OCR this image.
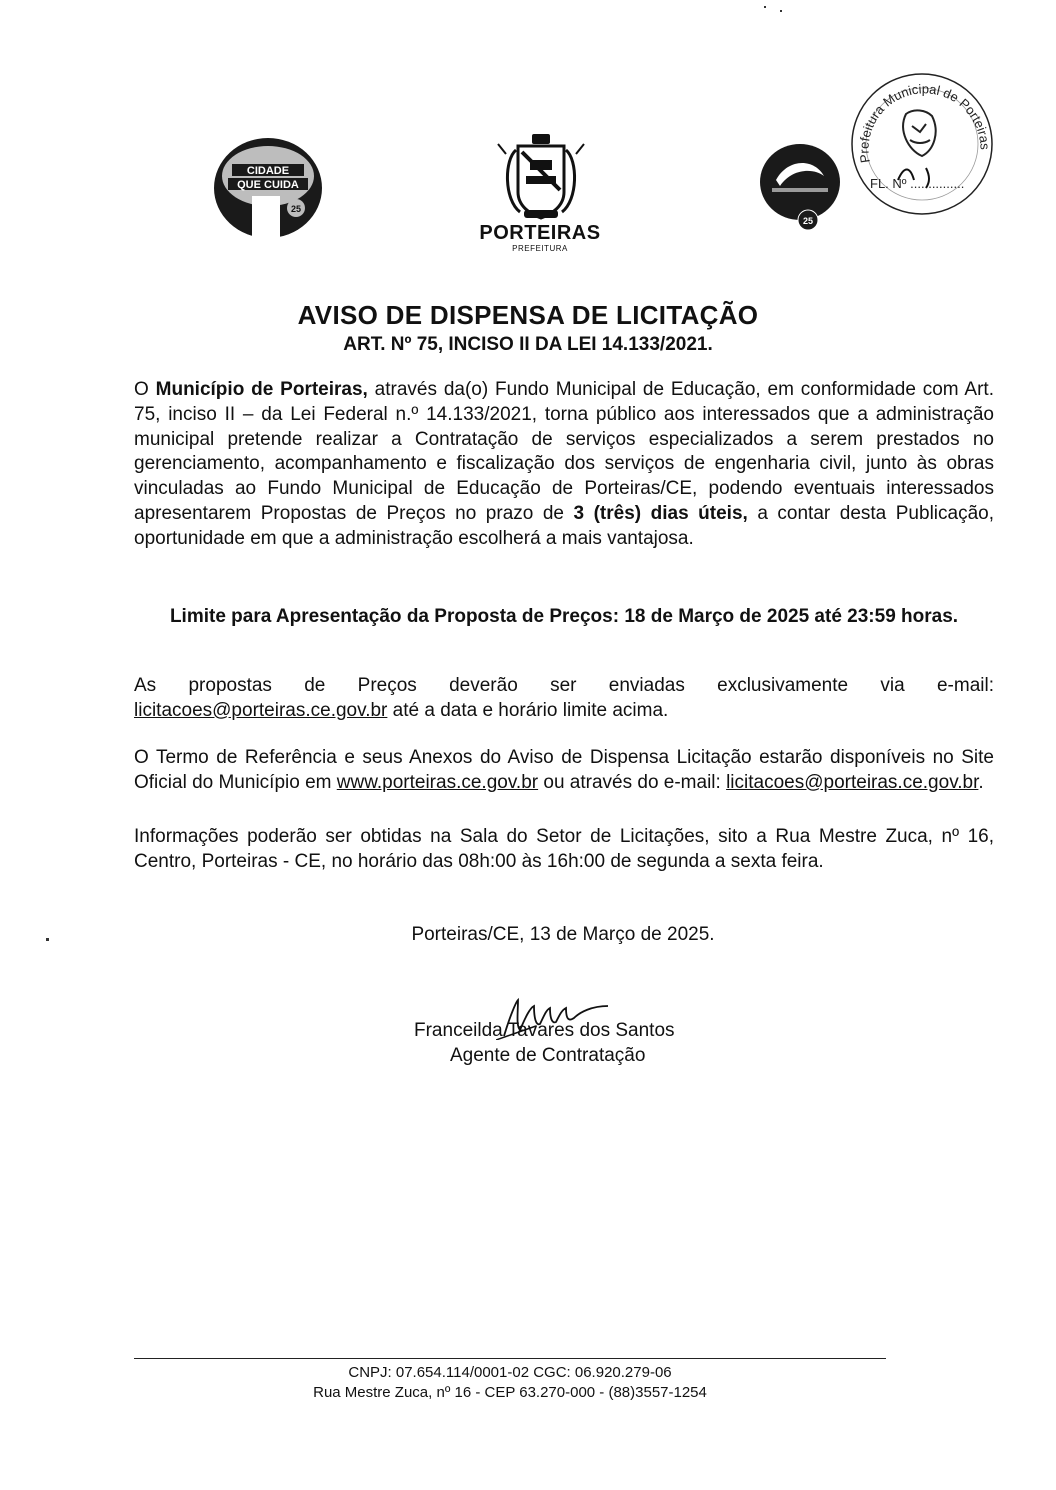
CIDADE
QUE CUIDA
25
PORTEIRAS
PREFEITURA
25
Prefeitura Municipal de Porteiras
FL. Nº ...............
AVISO DE DISPENSA DE LICITAÇÃO
ART. Nº 75, INCISO II DA LEI 14.133/2021.
O Município de Porteiras, através da(o) Fundo Municipal de Educação, em conformidade com Art. 75, inciso II – da Lei Federal n.º 14.133/2021, torna público aos interessados que a administração municipal pretende realizar a Contratação de serviços especializados a serem prestados no gerenciamento, acompanhamento e fiscalização dos serviços de engenharia civil, junto às obras vinculadas ao Fundo Municipal de Educação de Porteiras/CE, podendo eventuais interessados apresentarem Propostas de Preços no prazo de 3 (três) dias úteis, a contar desta Publicação, oportunidade em que a administração escolherá a mais vantajosa.
Limite para Apresentação da Proposta de Preços: 18 de Março de 2025 até 23:59 horas.
As propostas de Preços deverão ser enviadas exclusivamente via e-mail: licitacoes@porteiras.ce.gov.br até a data e horário limite acima.
O Termo de Referência e seus Anexos do Aviso de Dispensa Licitação estarão disponíveis no Site Oficial do Município em www.porteiras.ce.gov.br ou através do e-mail: licitacoes@porteiras.ce.gov.br.
Informações poderão ser obtidas na Sala do Setor de Licitações, sito a Rua Mestre Zuca, nº 16, Centro, Porteiras - CE, no horário das 08h:00 às 16h:00 de segunda a sexta feira.
Porteiras/CE, 13 de Março de 2025.
Franceilda Tavares dos Santos
Agente de Contratação
CNPJ: 07.654.114/0001-02 CGC: 06.920.279-06
Rua Mestre Zuca, nº 16 - CEP 63.270-000 - (88)3557-1254
